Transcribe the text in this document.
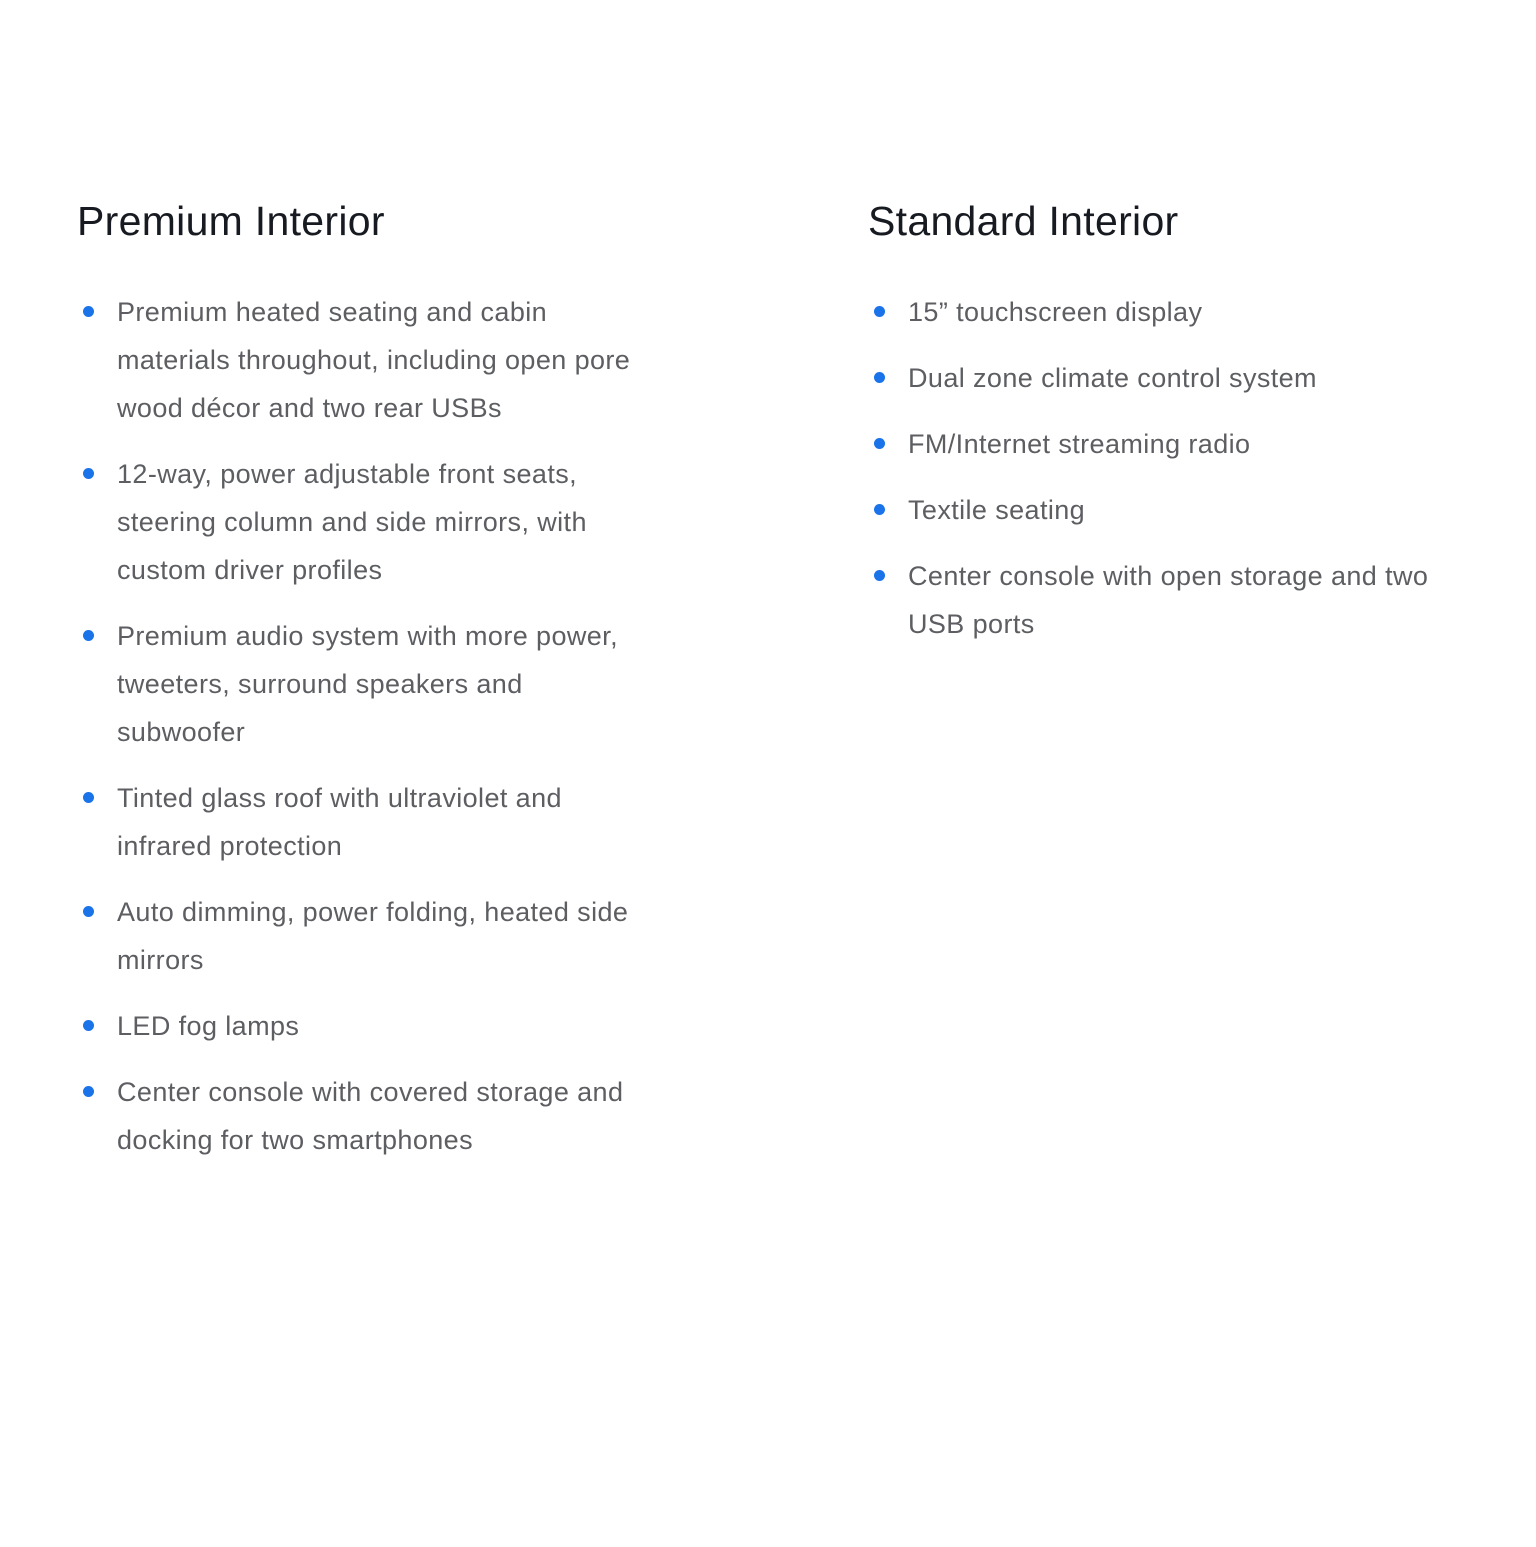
Premium Interior
Premium heated seating and cabin materials throughout, including open pore wood décor and two rear USBs
12-way, power adjustable front seats, steering column and side mirrors, with custom driver profiles
Premium audio system with more power, tweeters, surround speakers and subwoofer
Tinted glass roof with ultraviolet and infrared protection
Auto dimming, power folding, heated side mirrors
LED fog lamps
Center console with covered storage and docking for two smartphones
Standard Interior
15” touchscreen display
Dual zone climate control system
FM/Internet streaming radio
Textile seating
Center console with open storage and two USB ports
